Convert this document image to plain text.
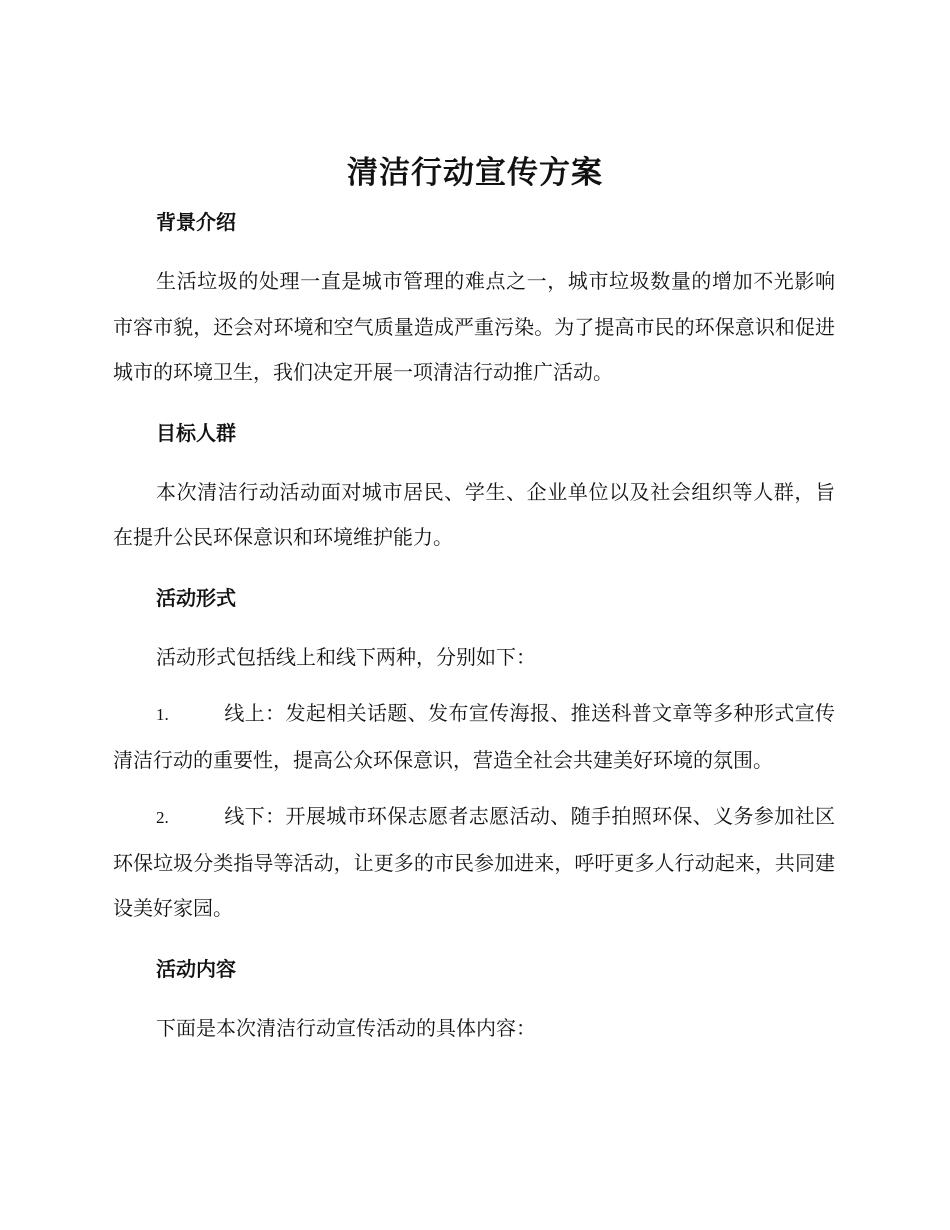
清洁行动宣传方案

背景介绍

生活垃圾的处理一直是城市管理的难点之一，城市垃圾数量的增加不光影响市容市貌，还会对环境和空气质量造成严重污染。为了提高市民的环保意识和促进城市的环境卫生，我们决定开展一项清洁行动推广活动。

目标人群

本次清洁行动活动面对城市居民、学生、企业单位以及社会组织等人群，旨在提升公民环保意识和环境维护能力。

活动形式

活动形式包括线上和线下两种，分别如下：

1.	线上：发起相关话题、发布宣传海报、推送科普文章等多种形式宣传清洁行动的重要性，提高公众环保意识，营造全社会共建美好环境的氛围。

2.	线下：开展城市环保志愿者志愿活动、随手拍照环保、义务参加社区环保垃圾分类指导等活动，让更多的市民参加进来，呼吁更多人行动起来，共同建设美好家园。

活动内容

下面是本次清洁行动宣传活动的具体内容：
